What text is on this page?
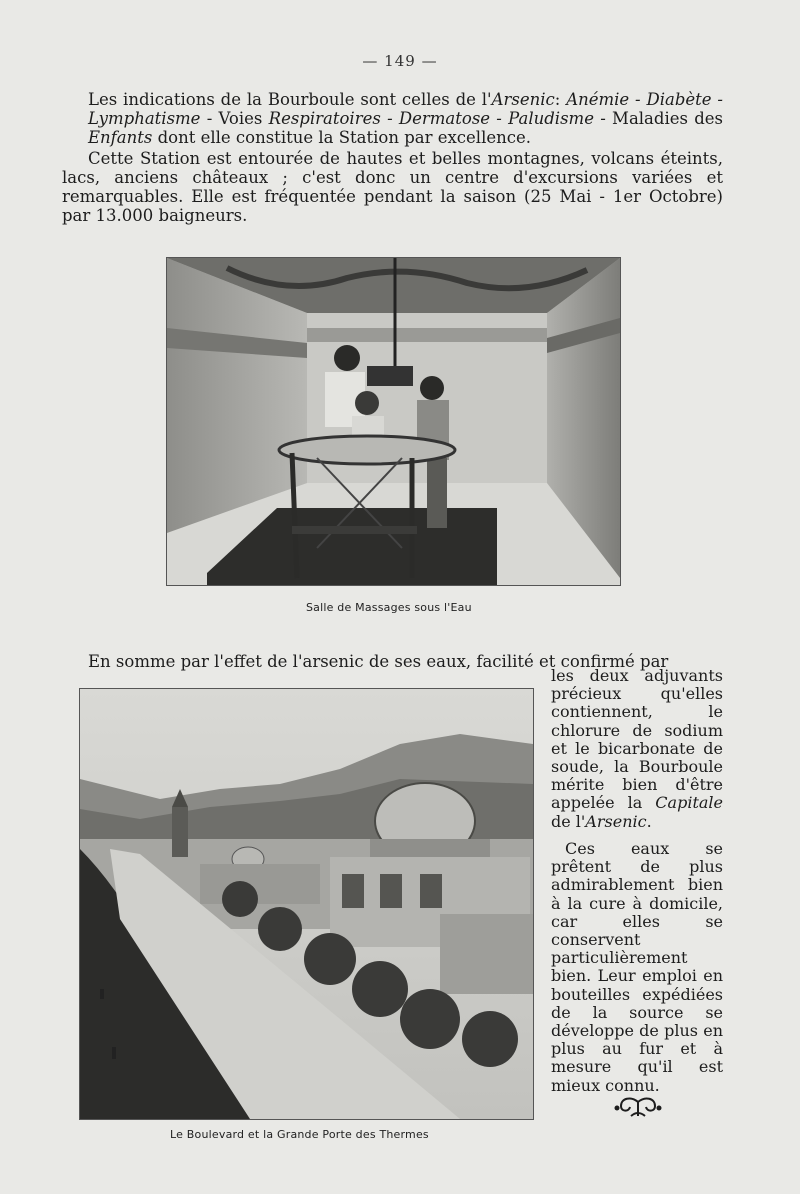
— 149 —

Les indications de la Bourboule sont celles de l'Arsenic: Anémie - Diabète - Lymphatisme - Voies Respiratoires - Dermatose - Paludisme - Maladies des Enfants dont elle constitue la Station par excellence.

Cette Station est entourée de hautes et belles montagnes, volcans éteints, lacs, anciens châteaux ; c'est donc un centre d'excursions variées et remarquables. Elle est fréquentée pendant la saison (25 Mai - 1er Octobre) par 13.000 baigneurs.

Salle de Massages sous l'Eau

En somme par l'effet de l'arsenic de ses eaux, facilité et confirmé par

Le Boulevard et la Grande Porte des Thermes

les deux adjuvants précieux qu'elles contiennent, le chlorure de sodium et le bicarbonate de soude, la Bourboule mérite bien d'être appelée la Capitale de l'Arsenic.

Ces eaux se prêtent de plus admirablement bien à la cure à domicile, car elles se conservent particulièrement bien. Leur emploi en bouteilles expédiées de la source se développe de plus en plus au fur et à mesure qu'il est mieux connu.
